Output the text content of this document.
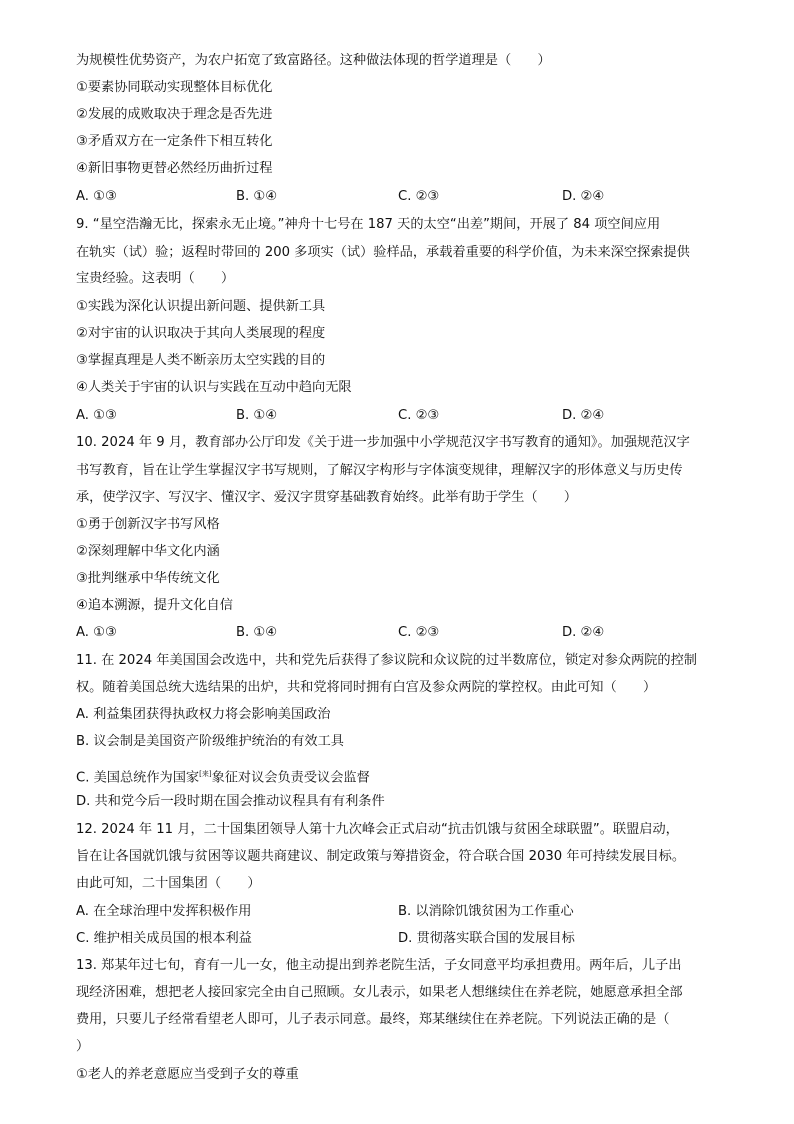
为规模性优势资产，为农户拓宽了致富路径。这种做法体现的哲学道理是（　　）
①要素协同联动实现整体目标优化
②发展的成败取决于理念是否先进
③矛盾双方在一定条件下相互转化
④新旧事物更替必然经历曲折过程
A. ①③	B. ①④	C. ②③	D. ②④
9. “星空浩瀚无比，探索永无止境。”神舟十七号在 187 天的太空“出差”期间，开展了 84 项空间应用
在轨实（试）验；返程时带回的 200 多项实（试）验样品，承载着重要的科学价值，为未来深空探索提供
宝贵经验。这表明（　　）
①实践为深化认识提出新问题、提供新工具
②对宇宙的认识取决于其向人类展现的程度
③掌握真理是人类不断亲历太空实践的目的
④人类关于宇宙的认识与实践在互动中趋向无限
A. ①③	B. ①④	C. ②③	D. ②④
10. 2024 年 9 月，教育部办公厅印发《关于进一步加强中小学规范汉字书写教育的通知》。加强规范汉字
书写教育，旨在让学生掌握汉字书写规则，了解汉字构形与字体演变规律，理解汉字的形体意义与历史传
承，使学汉字、写汉字、懂汉字、爱汉字贯穿基础教育始终。此举有助于学生（　　）
①勇于创新汉字书写风格
②深刻理解中华文化内涵
③批判继承中华传统文化
④追本溯源，提升文化自信
A. ①③	B. ①④	C. ②③	D. ②④
11. 在 2024 年美国国会改选中，共和党先后获得了参议院和众议院的过半数席位，锁定对参众两院的控制
权。随着美国总统大选结果的出炉，共和党将同时拥有白宫及参众两院的掌控权。由此可知（　　）
A. 利益集团获得执政权力将会影响美国政治
B. 议会制是美国资产阶级维护统治的有效工具
C. 美国总统作为国家[来]象征对议会负责受议会监督
D. 共和党今后一段时期在国会推动议程具有有利条件
12. 2024 年 11 月，二十国集团领导人第十九次峰会正式启动“抗击饥饿与贫困全球联盟”。联盟启动，
旨在让各国就饥饿与贫困等议题共商建议、制定政策与筹措资金，符合联合国 2030 年可持续发展目标。
由此可知，二十国集团（　　）
A. 在全球治理中发挥积极作用	B. 以消除饥饿贫困为工作重心
C. 维护相关成员国的根本利益	D. 贯彻落实联合国的发展目标
13. 郑某年过七旬，育有一儿一女，他主动提出到养老院生活，子女同意平均承担费用。两年后，儿子出
现经济困难，想把老人接回家完全由自己照顾。女儿表示，如果老人想继续住在养老院，她愿意承担全部
费用，只要儿子经常看望老人即可，儿子表示同意。最终，郑某继续住在养老院。下列说法正确的是（
）
①老人的养老意愿应当受到子女的尊重
